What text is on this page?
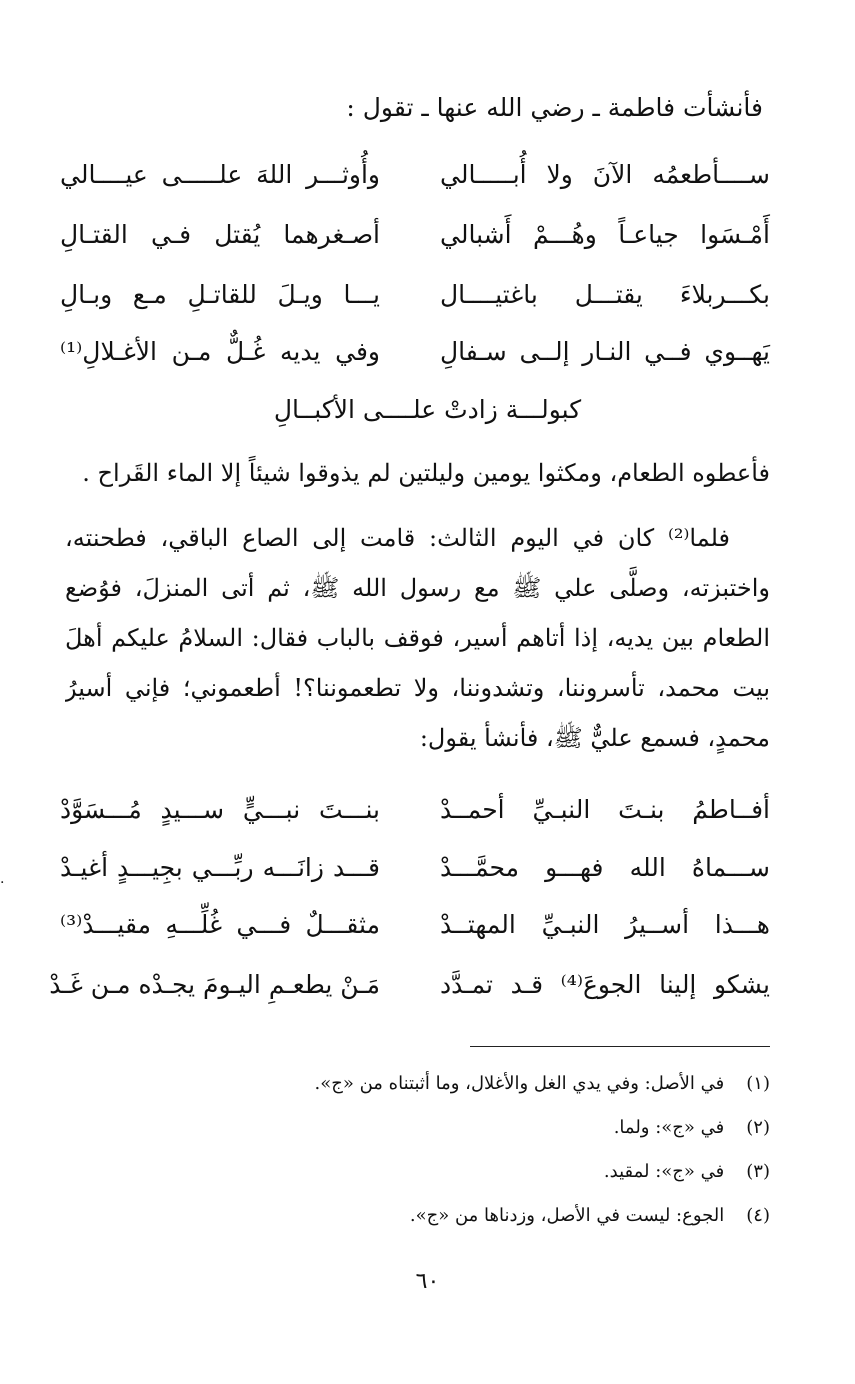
فأنشأت فاطمة ـ رضي الله عنها ـ تقول :
ســــأطعمُه الآنَ ولا أُبـــــالي
وأُوثـــر اللهَ علـــــى عيــــالي
أَمْـسَوا جياعـاً وهُـــمْ أَشبالي
أصـغرهما يُقتل فـي القتـالِ
بكـــربلاءَ يقتـــل باغتيــــال
يـــا ويـلَ للقاتـلِ مـع وبـالِ
يَهــوي فــي النـار إلــى سـفالِ
وفي يديه غُـلٌّ مـن الأغـلالِ⁽¹⁾
كبولـــة زادتْ علــــى الأكبــالِ
فأعطوه الطعام، ومكثوا يومين وليلتين لم يذوقوا شيئاً إلا الماء القَراح .
فلما⁽²⁾ كان في اليوم الثالث: قامت إلى الصاع الباقي، فطحنته،
واختبزته، وصلَّى علي ﷺ مع رسول الله ﷺ، ثم أتى المنزلَ، فوُضع
الطعام بين يديه، إذا أتاهم أسير، فوقف بالباب فقال: السلامُ عليكم أهلَ
بيت محمد، تأسروننا، وتشدوننا، ولا تطعموننا؟! أطعموني؛ فإني أسيرُ
محمدٍ، فسمع عليٌّ ﷺ، فأنشأ يقول:
أفــاطمُ بنـتَ النبـيِّ أحمــدْ
بنـــتَ نبـــيٍّ ســـيدٍ مُـــسَوَّدْ
ســـماهُ الله فهـــو محمَّـــدْ
قـــد زانَـــه ربِّـــي بجِيـــدٍ أغيـدْ
هـــذا أســيرُ النبـيِّ المهتــدْ
مثقـــلٌ فـــي غُلِّـــهِ مقيـــدْ⁽³⁾
يشكو إلينا الجوعَ⁽⁴⁾ قـد تمـدَّد
مَـنْ يطعـمِ اليـومَ يجـدْه مـن غَـدْ
.
(١) في الأصل: وفي يدي الغل والأغلال، وما أثبتناه من «ج».
(٢) في «ج»: ولما.
(٣) في «ج»: لمقيد.
(٤) الجوع: ليست في الأصل، وزدناها من «ج».
٦٠
